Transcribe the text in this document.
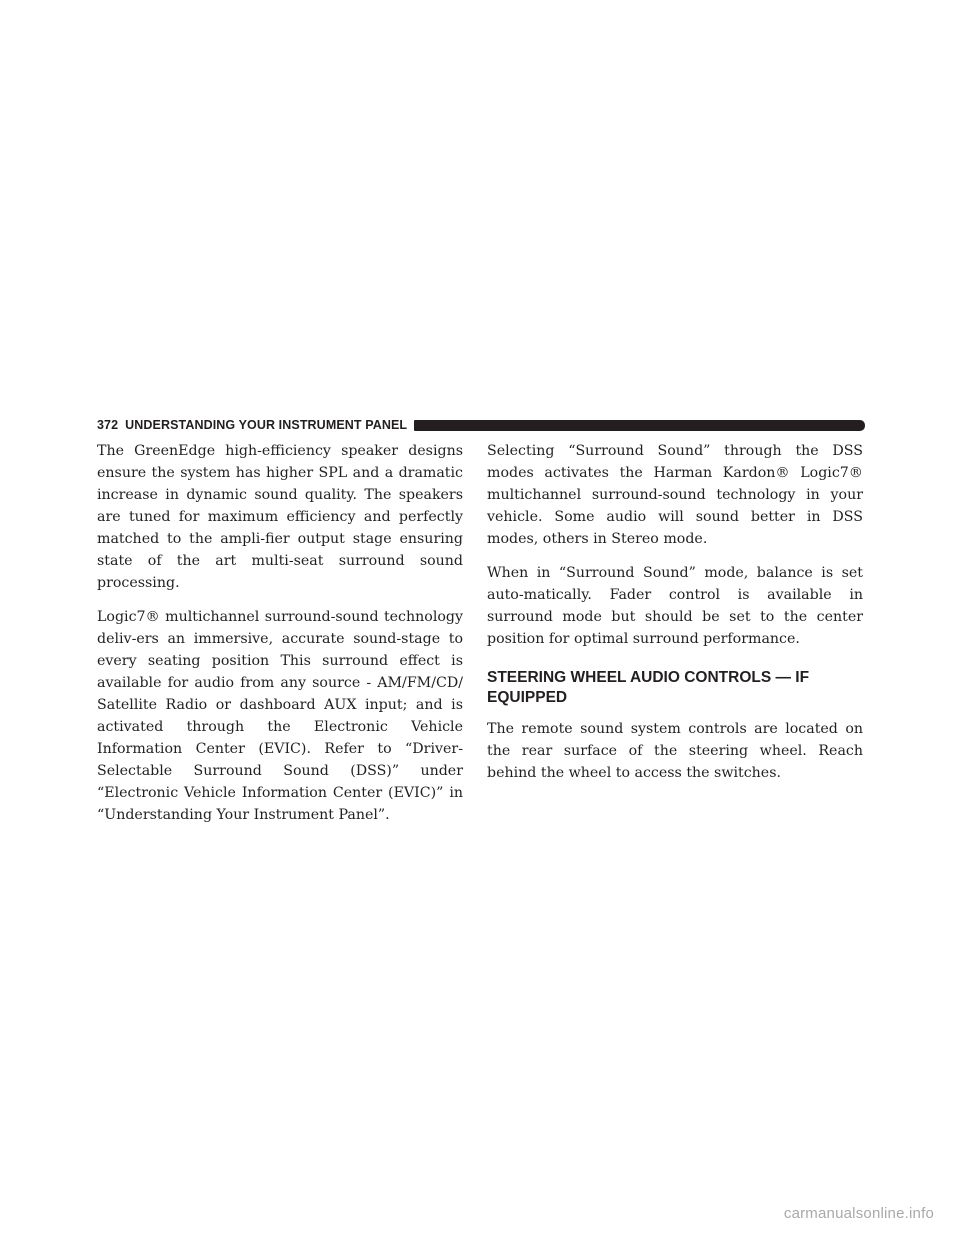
372 UNDERSTANDING YOUR INSTRUMENT PANEL

The GreenEdge high-efficiency speaker designs ensure the system has higher SPL and a dramatic increase in dynamic sound quality. The speakers are tuned for maximum efficiency and perfectly matched to the ampli-fier output stage ensuring state of the art multi-seat surround sound processing.

Logic7® multichannel surround-sound technology deliv-ers an immersive, accurate sound-stage to every seating position This surround effect is available for audio from any source - AM/FM/CD/ Satellite Radio or dashboard AUX input; and is activated through the Electronic Vehicle Information Center (EVIC). Refer to “Driver-Selectable Surround Sound (DSS)” under “Electronic Vehicle Information Center (EVIC)” in “Understanding Your Instrument Panel”.

Selecting “Surround Sound” through the DSS modes activates the Harman Kardon® Logic7® multichannel surround-sound technology in your vehicle. Some audio will sound better in DSS modes, others in Stereo mode.

When in “Surround Sound” mode, balance is set auto-matically. Fader control is available in surround mode but should be set to the center position for optimal surround performance.

STEERING WHEEL AUDIO CONTROLS — IF EQUIPPED

The remote sound system controls are located on the rear surface of the steering wheel. Reach behind the wheel to access the switches.

carmanualsonline.info
